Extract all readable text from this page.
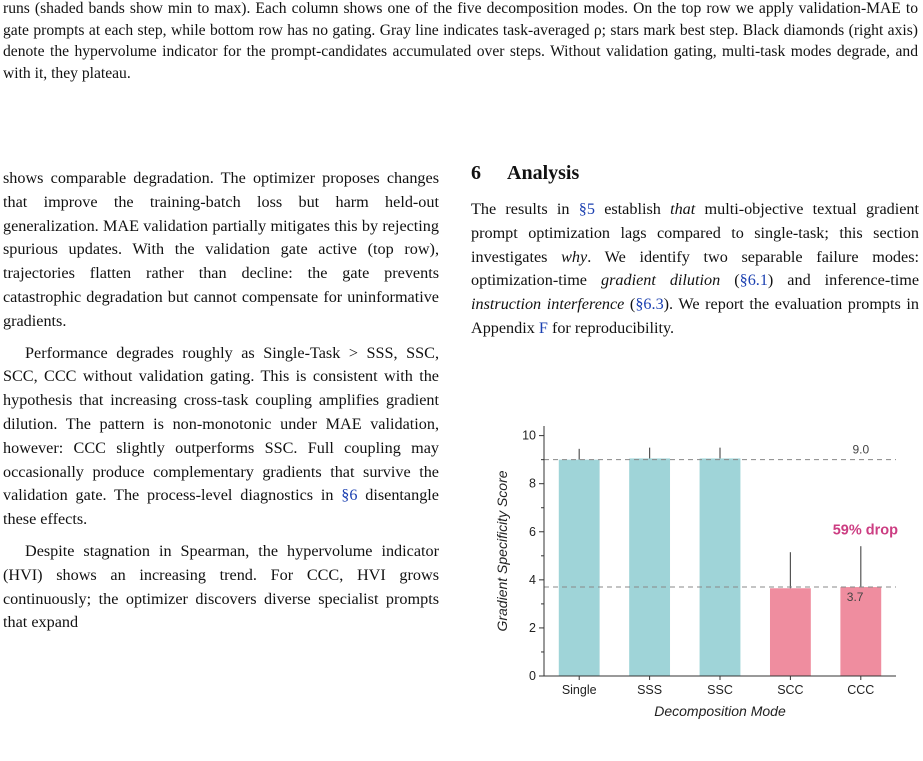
runs (shaded bands show min to max). Each column shows one of the five decomposition modes. On the top row we apply validation-MAE to gate prompts at each step, while bottom row has no gating. Gray line indicates task-averaged ρ; stars mark best step. Black diamonds (right axis) denote the hypervolume indicator for the prompt-candidates accumulated over steps. Without validation gating, multi-task modes degrade, and with it, they plateau.

shows comparable degradation. The optimizer proposes changes that improve the training-batch loss but harm held-out generalization. MAE validation partially mitigates this by rejecting spurious updates. With the validation gate active (top row), trajectories flatten rather than decline: the gate prevents catastrophic degradation but cannot compensate for uninformative gradients.

Performance degrades roughly as Single-Task > SSS, SSC, SCC, CCC without validation gating. This is consistent with the hypothesis that increasing cross-task coupling amplifies gradient dilution. The pattern is non-monotonic under MAE validation, however: CCC slightly outperforms SSC. Full coupling may occasionally produce complementary gradients that survive the validation gate. The process-level diagnostics in §6 disentangle these effects.

Despite stagnation in Spearman, the hypervolume indicator (HVI) shows an increasing trend. For CCC, HVI grows continuously; the optimizer discovers diverse specialist prompts that expand

6 Analysis

The results in §5 establish that multi-objective textual gradient prompt optimization lags compared to single-task; this section investigates why. We identify two separable failure modes: optimization-time gradient dilution (§6.1) and inference-time instruction interference (§6.3). We report the evaluation prompts in Appendix F for reproducibility.

9.0
3.7
59% drop
0
2
4
6
8
10
Single	SSS	SSC	SCC	CCC
Decomposition Mode
Gradient Specificity Score
